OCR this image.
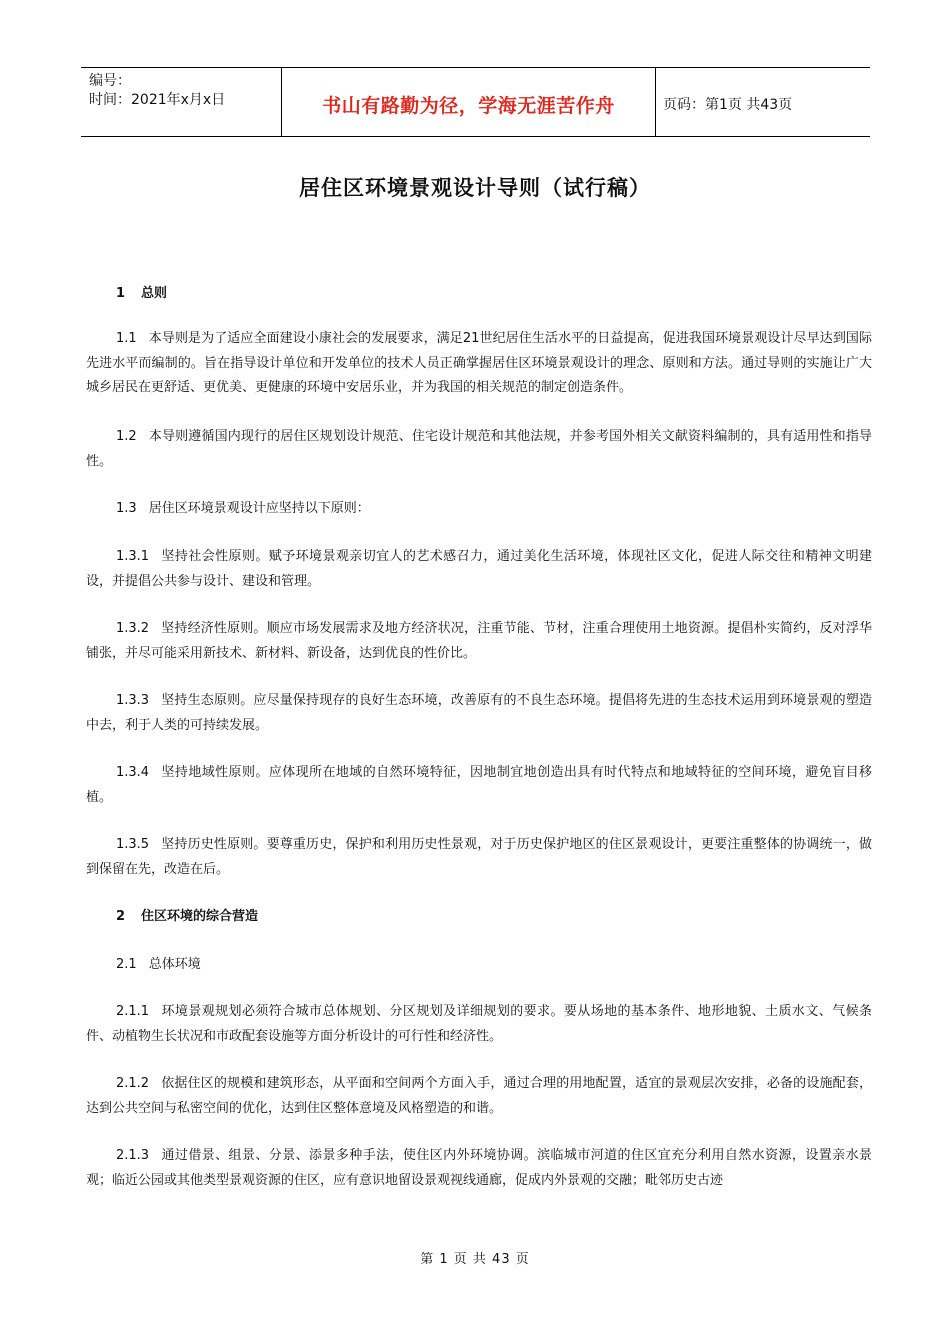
编号：
时间：2021年x月x日	书山有路勤为径，学海无涯苦作舟	页码：第1页 共43页
居住区环境景观设计导则（试行稿）

1 总则

1.1 本导则是为了适应全面建设小康社会的发展要求，满足21世纪居住生活水平的日益提高，促进我国环境景观设计尽早达到国际先进水平而编制的。旨在指导设计单位和开发单位的技术人员正确掌握居住区环境景观设计的理念、原则和方法。通过导则的实施让广大城乡居民在更舒适、更优美、更健康的环境中安居乐业，并为我国的相关规范的制定创造条件。

1.2 本导则遵循国内现行的居住区规划设计规范、住宅设计规范和其他法规，并参考国外相关文献资料编制的，具有适用性和指导性。

1.3 居住区环境景观设计应坚持以下原则：

1.3.1 坚持社会性原则。赋予环境景观亲切宜人的艺术感召力，通过美化生活环境，体现社区文化，促进人际交往和精神文明建设，并提倡公共参与设计、建设和管理。

1.3.2 坚持经济性原则。顺应市场发展需求及地方经济状况，注重节能、节材，注重合理使用土地资源。提倡朴实简约，反对浮华铺张，并尽可能采用新技术、新材料、新设备，达到优良的性价比。

1.3.3 坚持生态原则。应尽量保持现存的良好生态环境，改善原有的不良生态环境。提倡将先进的生态技术运用到环境景观的塑造中去，利于人类的可持续发展。

1.3.4 坚持地域性原则。应体现所在地域的自然环境特征，因地制宜地创造出具有时代特点和地域特征的空间环境，避免盲目移植。

1.3.5 坚持历史性原则。要尊重历史，保护和利用历史性景观，对于历史保护地区的住区景观设计，更要注重整体的协调统一，做到保留在先，改造在后。

2 住区环境的综合营造

2.1 总体环境

2.1.1 环境景观规划必须符合城市总体规划、分区规划及详细规划的要求。要从场地的基本条件、地形地貌、土质水文、气候条件、动植物生长状况和市政配套设施等方面分析设计的可行性和经济性。

2.1.2 依据住区的规模和建筑形态，从平面和空间两个方面入手，通过合理的用地配置，适宜的景观层次安排，必备的设施配套，达到公共空间与私密空间的优化，达到住区整体意境及风格塑造的和谐。

2.1.3 通过借景、组景、分景、添景多种手法，使住区内外环境协调。滨临城市河道的住区宜充分利用自然水资源，设置亲水景观；临近公园或其他类型景观资源的住区，应有意识地留设景观视线通廊，促成内外景观的交融；毗邻历史古迹

第 1 页 共 43 页
